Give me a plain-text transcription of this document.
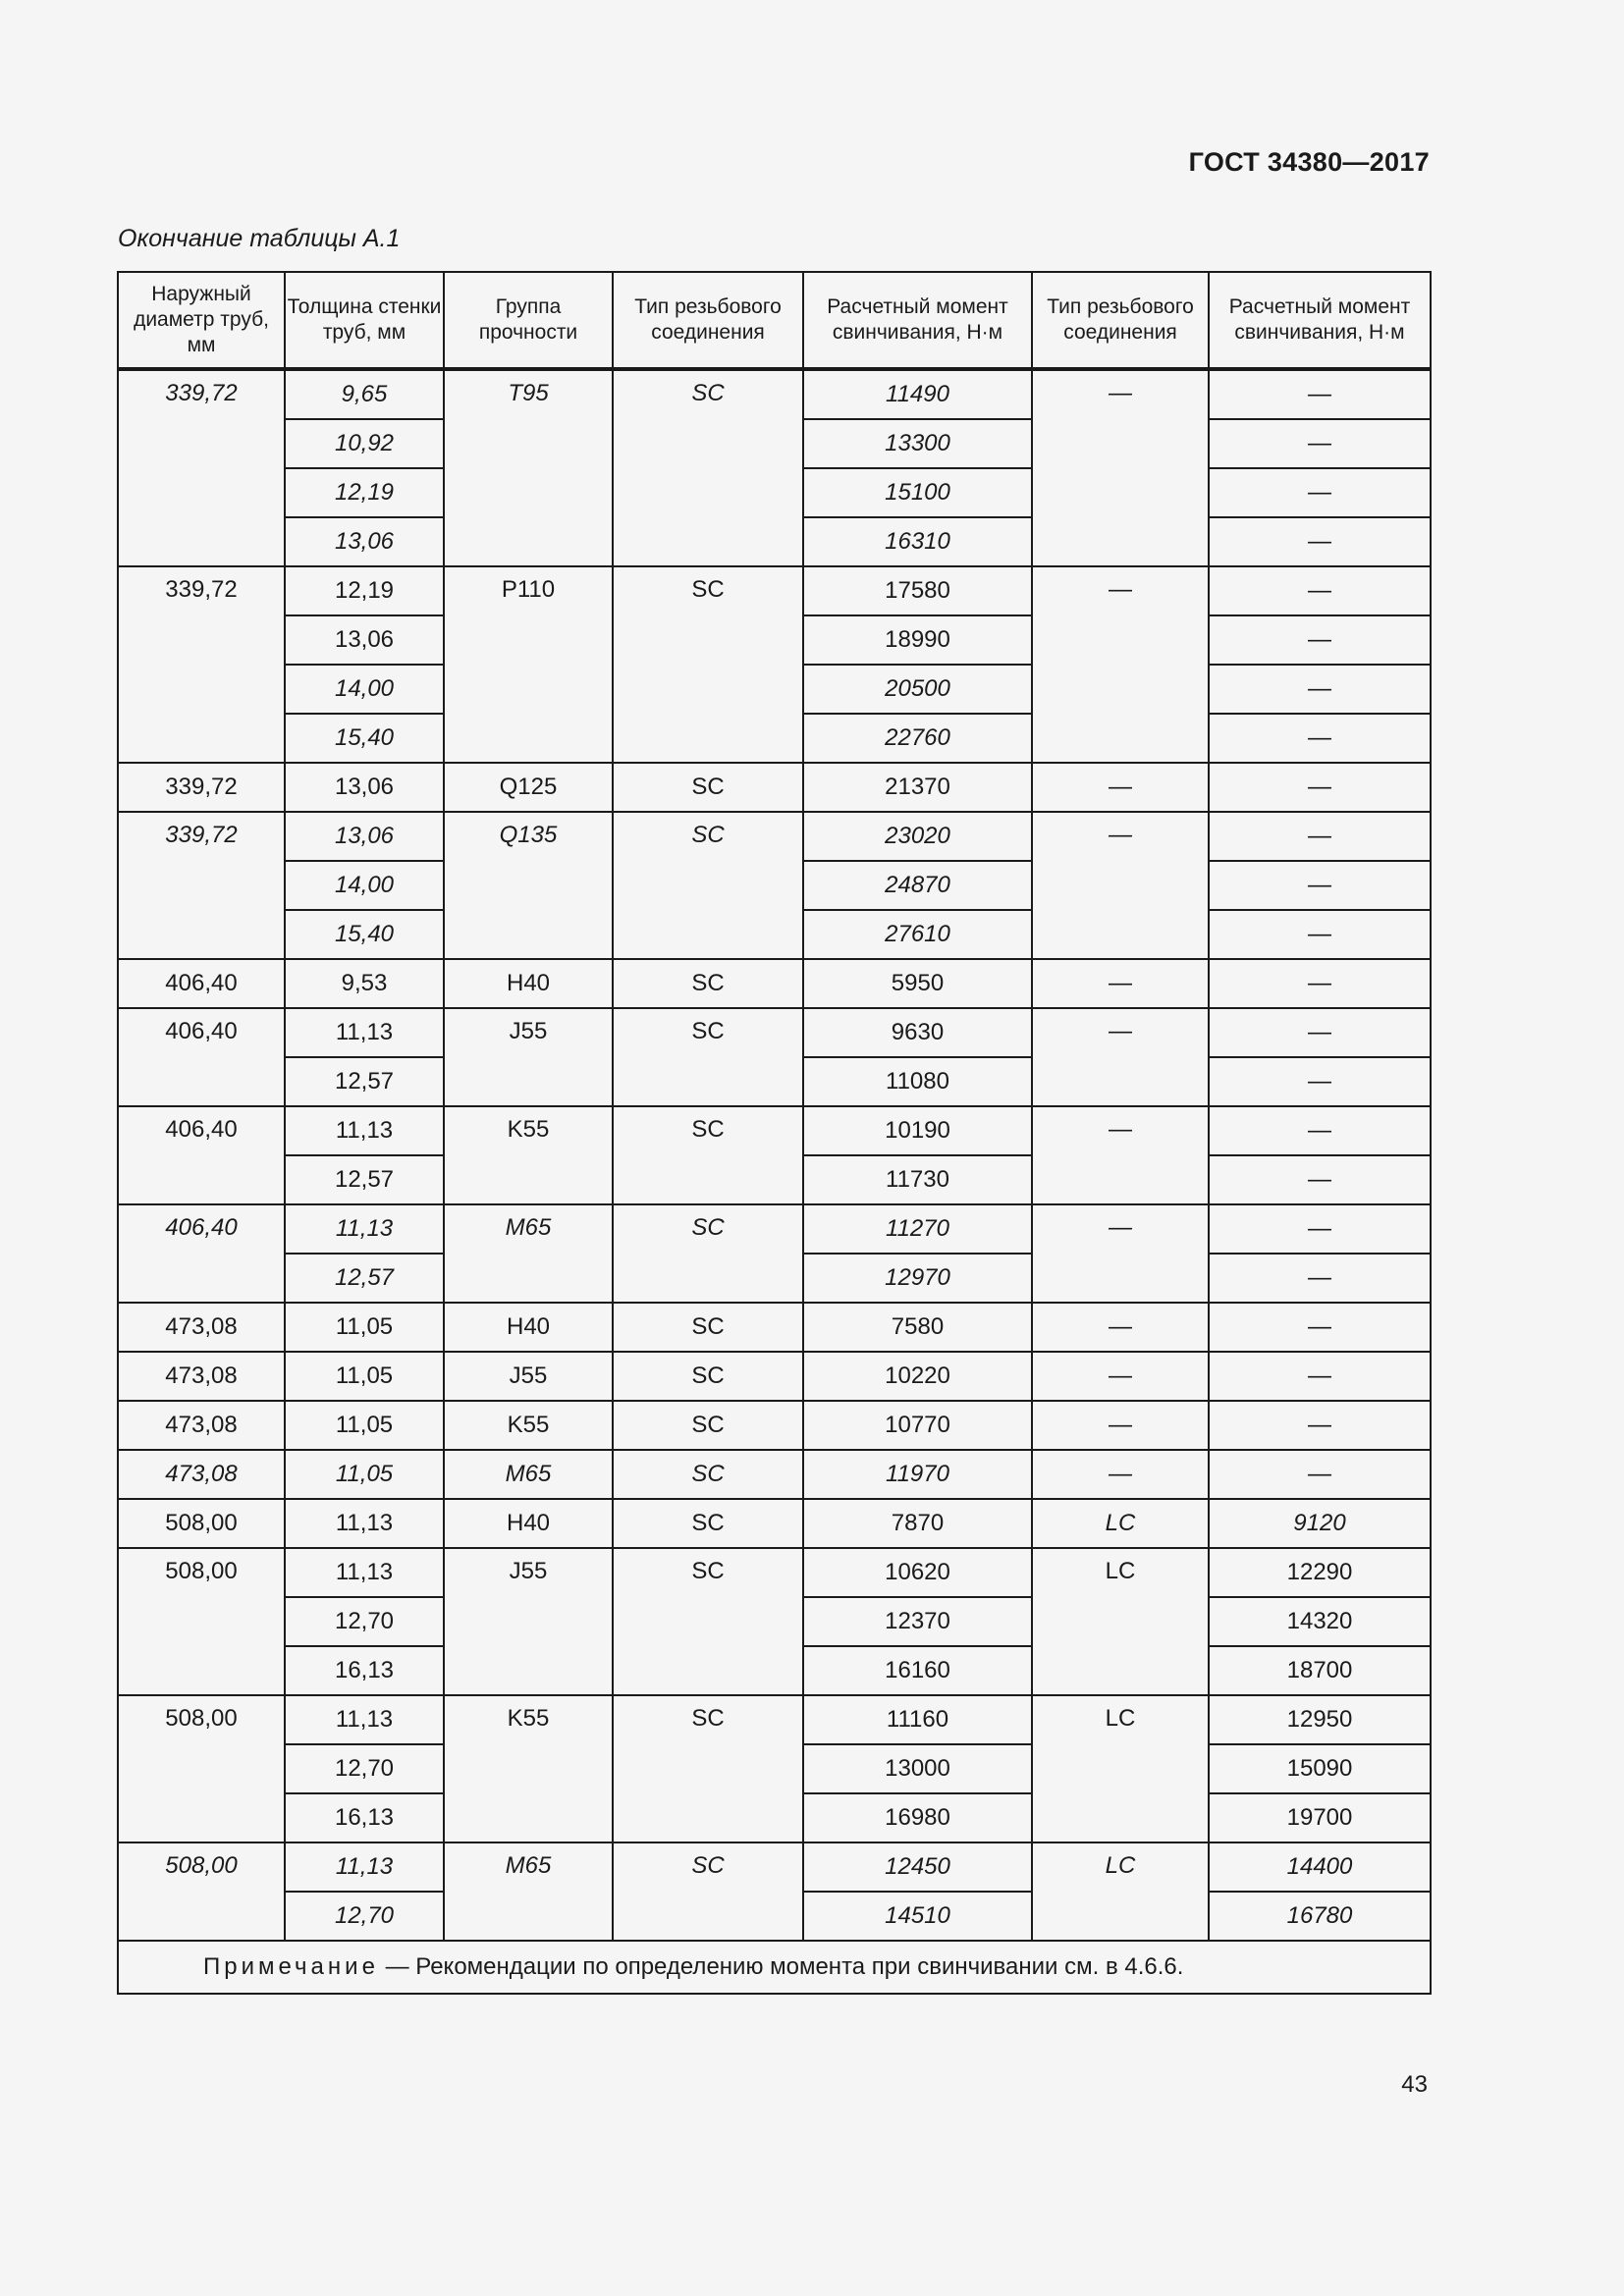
ГОСТ 34380—2017
Окончание таблицы А.1
Наружный диаметр труб, мм	Толщина стенки труб, мм	Группа прочности	Тип резьбового соединения	Расчетный момент свинчивания, Н·м	Тип резьбового соединения	Расчетный момент свинчивания, Н·м
339,72	9,65	T95	SC	11490	—	—
	10,92			13300		—
	12,19			15100		—
	13,06			16310		—
339,72	12,19	P110	SC	17580	—	—
	13,06			18990		—
	14,00			20500		—
	15,40			22760		—
339,72	13,06	Q125	SC	21370	—	—
339,72	13,06	Q135	SC	23020	—	—
	14,00			24870		—
	15,40			27610		—
406,40	9,53	H40	SC	5950	—	—
406,40	11,13	J55	SC	9630	—	—
	12,57			11080		—
406,40	11,13	K55	SC	10190	—	—
	12,57			11730		—
406,40	11,13	M65	SC	11270	—	—
	12,57			12970		—
473,08	11,05	H40	SC	7580	—	—
473,08	11,05	J55	SC	10220	—	—
473,08	11,05	K55	SC	10770	—	—
473,08	11,05	M65	SC	11970	—	—
508,00	11,13	H40	SC	7870	LC	9120
508,00	11,13	J55	SC	10620	LC	12290
	12,70			12370		14320
	16,13			16160		18700
508,00	11,13	K55	SC	11160	LC	12950
	12,70			13000		15090
	16,13			16980		19700
508,00	11,13	M65	SC	12450	LC	14400
	12,70			14510		16780
Примечание — Рекомендации по определению момента при свинчивании см. в 4.6.6.						
43
